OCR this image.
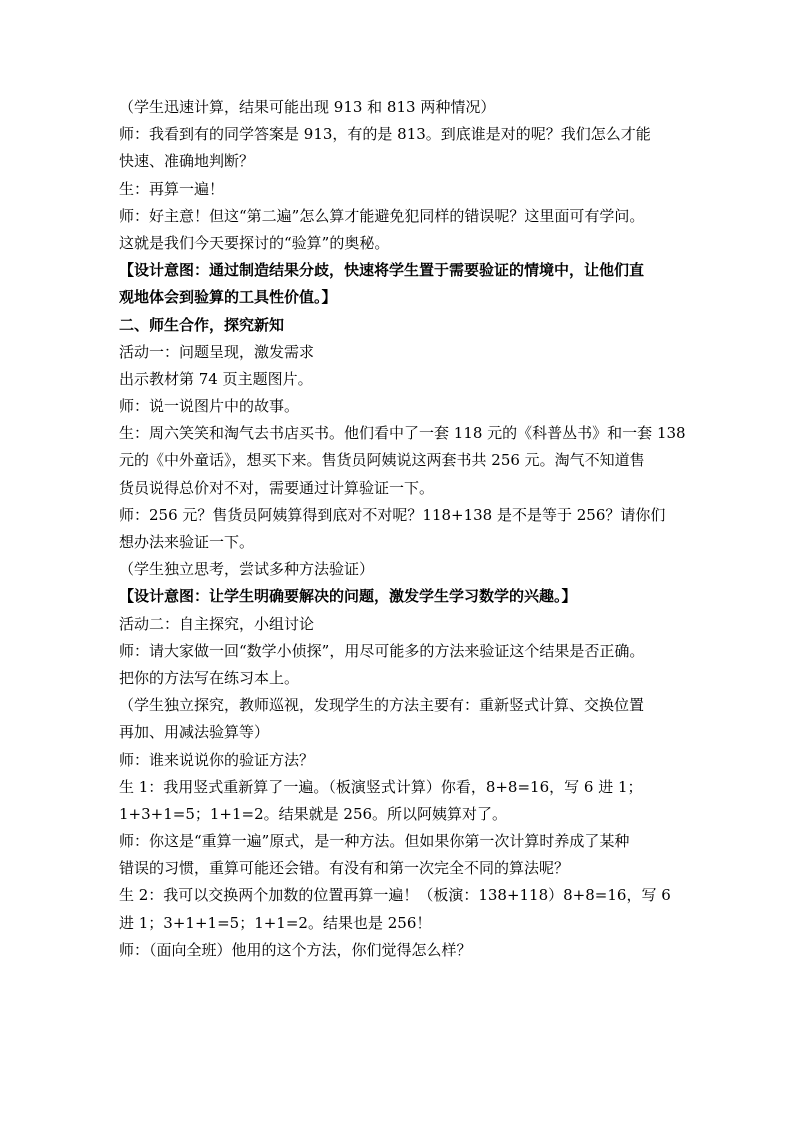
（学生迅速计算，结果可能出现 913 和 813 两种情况）
师：我看到有的同学答案是 913，有的是 813。到底谁是对的呢？我们怎么才能
快速、准确地判断？
生：再算一遍！
师：好主意！但这“第二遍”怎么算才能避免犯同样的错误呢？这里面可有学问。
这就是我们今天要探讨的“验算”的奥秘。
【设计意图：通过制造结果分歧，快速将学生置于需要验证的情境中，让他们直
观地体会到验算的工具性价值。】
二、师生合作，探究新知
活动一：问题呈现，激发需求
出示教材第 74 页主题图片。
师：说一说图片中的故事。
生：周六笑笑和淘气去书店买书。他们看中了一套 118 元的《科普丛书》和一套 138
元的《中外童话》，想买下来。售货员阿姨说这两套书共 256 元。淘气不知道售
货员说得总价对不对，需要通过计算验证一下。
师：256 元？售货员阿姨算得到底对不对呢？118+138 是不是等于 256？请你们
想办法来验证一下。
（学生独立思考，尝试多种方法验证）
【设计意图：让学生明确要解决的问题，激发学生学习数学的兴趣。】
活动二：自主探究，小组讨论
师：请大家做一回“数学小侦探”，用尽可能多的方法来验证这个结果是否正确。
把你的方法写在练习本上。
（学生独立探究，教师巡视，发现学生的方法主要有：重新竖式计算、交换位置
再加、用减法验算等）
师：谁来说说你的验证方法？
生 1：我用竖式重新算了一遍。（板演竖式计算）你看，8+8=16，写 6 进 1；
1+3+1=5；1+1=2。结果就是 256。所以阿姨算对了。
师：你这是“重算一遍”原式，是一种方法。但如果你第一次计算时养成了某种
错误的习惯，重算可能还会错。有没有和第一次完全不同的算法呢？
生 2：我可以交换两个加数的位置再算一遍！（板演：138+118）8+8=16，写 6
进 1；3+1+1=5；1+1=2。结果也是 256！
师：（面向全班）他用的这个方法，你们觉得怎么样？
